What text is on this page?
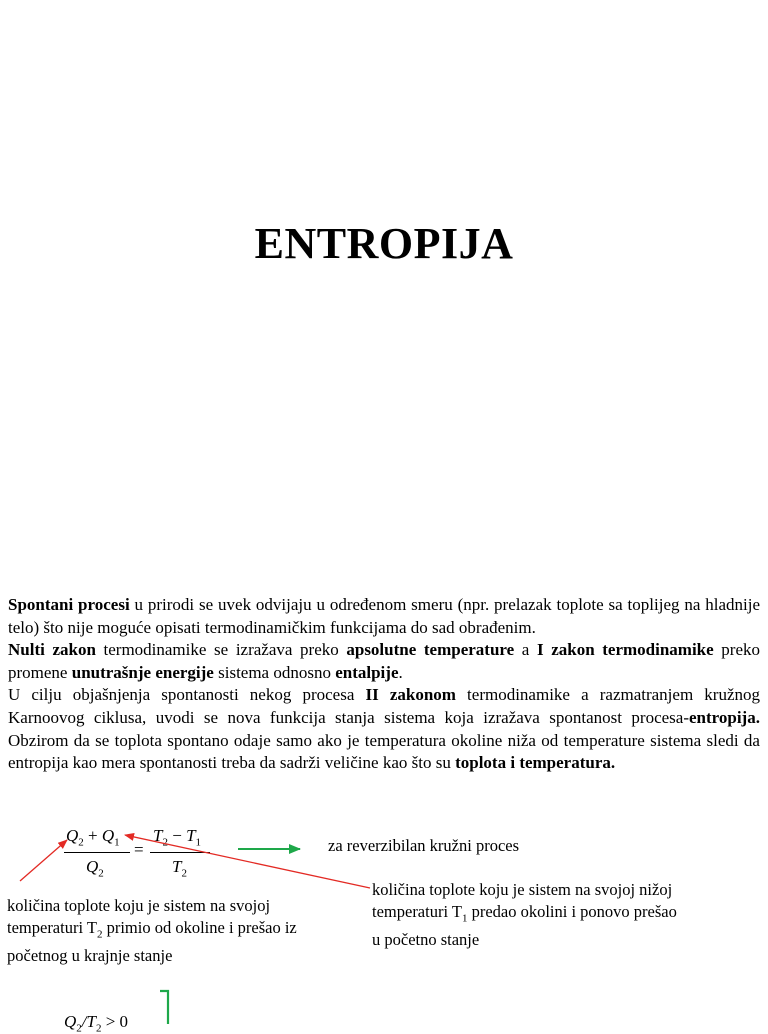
ENTROPIJA

Spontani procesi u prirodi se uvek odvijaju u određenom smeru (npr. prelazak toplote sa toplijeg na hladnije telo) što nije moguće opisati termodinamičkim funkcijama do sad obrađenim.

Nulti zakon termodinamike se izražava preko apsolutne temperature a I zakon termodinamike preko promene unutrašnje energije sistema odnosno entalpije.

U cilju objašnjenja spontanosti nekog procesa II zakonom termodinamike a razmatranjem kružnog Karnoovog ciklusa, uvodi se nova funkcija stanja sistema koja izražava spontanost procesa-entropija. Obzirom da se toplota spontano odaje samo ako je temperatura okoline niža od temperature sistema sledi da entropija kao mera spontanosti treba da sadrži veličine kao što su toplota i temperatura.

$Q_2 + Q_1$
$Q_2$
=
$T_2 - T_1$
$T_2$
za reverzibilan kružni proces
količina toplote koju je sistem na svojoj nižoj
temperaturi $T_1$ predao okolini i ponovo prešao
u početno stanje
količina toplote koju je sistem na svojoj
temperaturi $T_2$ primio od okoline i prešao iz
početnog u krajnje stanje
$Q_2/T_2 > 0$
